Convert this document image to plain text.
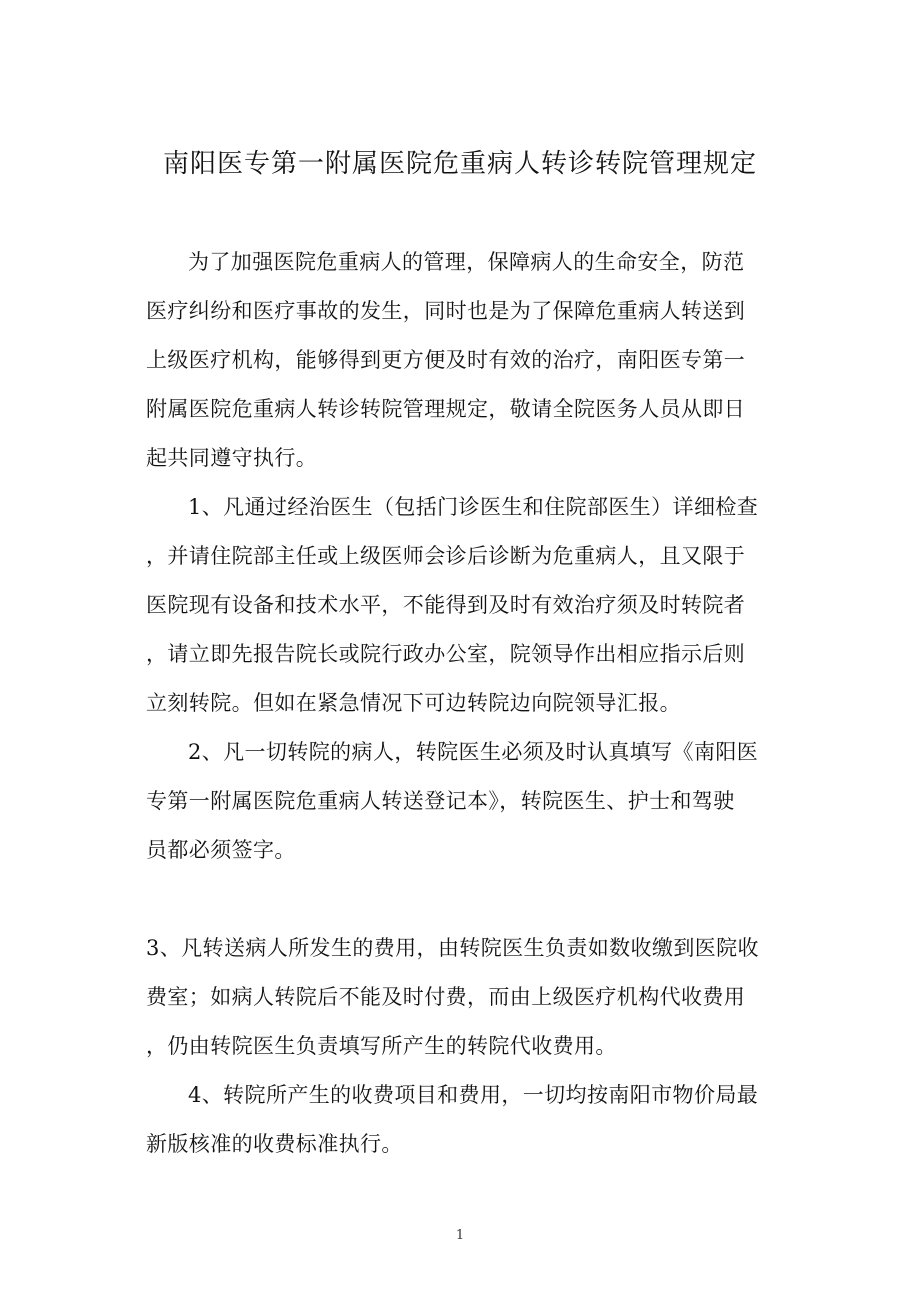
南阳医专第一附属医院危重病人转诊转院管理规定
为了加强医院危重病人的管理，保障病人的生命安全，防范
医疗纠纷和医疗事故的发生，同时也是为了保障危重病人转送到
上级医疗机构，能够得到更方便及时有效的治疗，南阳医专第一
附属医院危重病人转诊转院管理规定，敬请全院医务人员从即日
起共同遵守执行。
1、凡通过经治医生（包括门诊医生和住院部医生）详细检查
，并请住院部主任或上级医师会诊后诊断为危重病人，且又限于
医院现有设备和技术水平，不能得到及时有效治疗须及时转院者
，请立即先报告院长或院行政办公室，院领导作出相应指示后则
立刻转院。但如在紧急情况下可边转院边向院领导汇报。
2、凡一切转院的病人，转院医生必须及时认真填写《南阳医
专第一附属医院危重病人转送登记本》，转院医生、护士和驾驶
员都必须签字。
3、凡转送病人所发生的费用，由转院医生负责如数收缴到医院收
费室；如病人转院后不能及时付费，而由上级医疗机构代收费用
，仍由转院医生负责填写所产生的转院代收费用。
4、转院所产生的收费项目和费用，一切均按南阳市物价局最
新版核准的收费标准执行。
1
